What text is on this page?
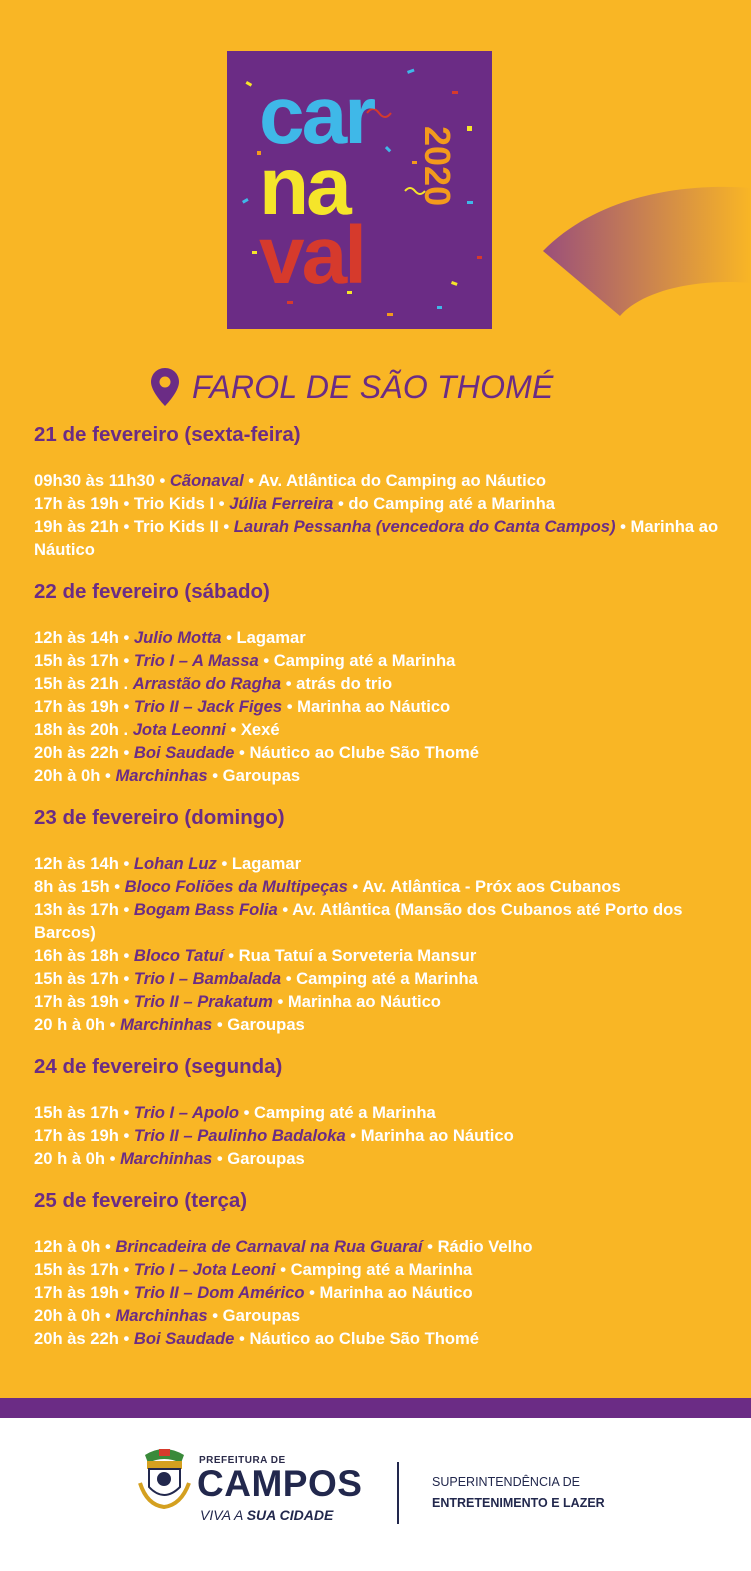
car
na
val
2020
FAROL DE SÃO THOMÉ
21 de fevereiro (sexta-feira)
09h30 às 11h30 • Cãonaval • Av. Atlântica do Camping ao Náutico
17h às 19h • Trio Kids I • Júlia Ferreira • do Camping até a Marinha
19h às 21h • Trio Kids II • Laurah Pessanha (vencedora do Canta Campos) • Marinha ao Náutico
22 de fevereiro (sábado)
12h às 14h • Julio Motta • Lagamar
15h às 17h • Trio I – A Massa • Camping até a Marinha
15h às 21h . Arrastão do Ragha • atrás do trio
17h às 19h • Trio II – Jack Figes • Marinha ao Náutico
18h às 20h . Jota Leonni • Xexé
20h às 22h • Boi Saudade • Náutico ao Clube São Thomé
20h à 0h • Marchinhas • Garoupas
23 de fevereiro (domingo)
12h às 14h • Lohan Luz • Lagamar
8h às 15h • Bloco Foliões da Multipeças • Av. Atlântica - Próx aos Cubanos
13h às 17h • Bogam Bass Folia • Av. Atlântica (Mansão dos Cubanos até Porto dos Barcos)
16h às 18h • Bloco Tatuí • Rua Tatuí a Sorveteria Mansur
15h às 17h • Trio I – Bambalada • Camping até a Marinha
17h às 19h • Trio II – Prakatum • Marinha ao Náutico
20 h à 0h • Marchinhas • Garoupas
24 de fevereiro (segunda)
15h às 17h • Trio I – Apolo • Camping até a Marinha
17h às 19h • Trio II – Paulinho Badaloka • Marinha ao Náutico
20 h à 0h • Marchinhas • Garoupas
25 de fevereiro (terça)
12h à 0h • Brincadeira de Carnaval na Rua Guaraí • Rádio Velho
15h às 17h • Trio I – Jota Leoni • Camping até a Marinha
17h às 19h • Trio II – Dom Américo • Marinha ao Náutico
20h à 0h • Marchinhas • Garoupas
20h às 22h • Boi Saudade • Náutico ao Clube São Thomé
PREFEITURA DE
CAMPOS
VIVA A SUA CIDADE
SUPERINTENDÊNCIA DE
ENTRETENIMENTO E LAZER
